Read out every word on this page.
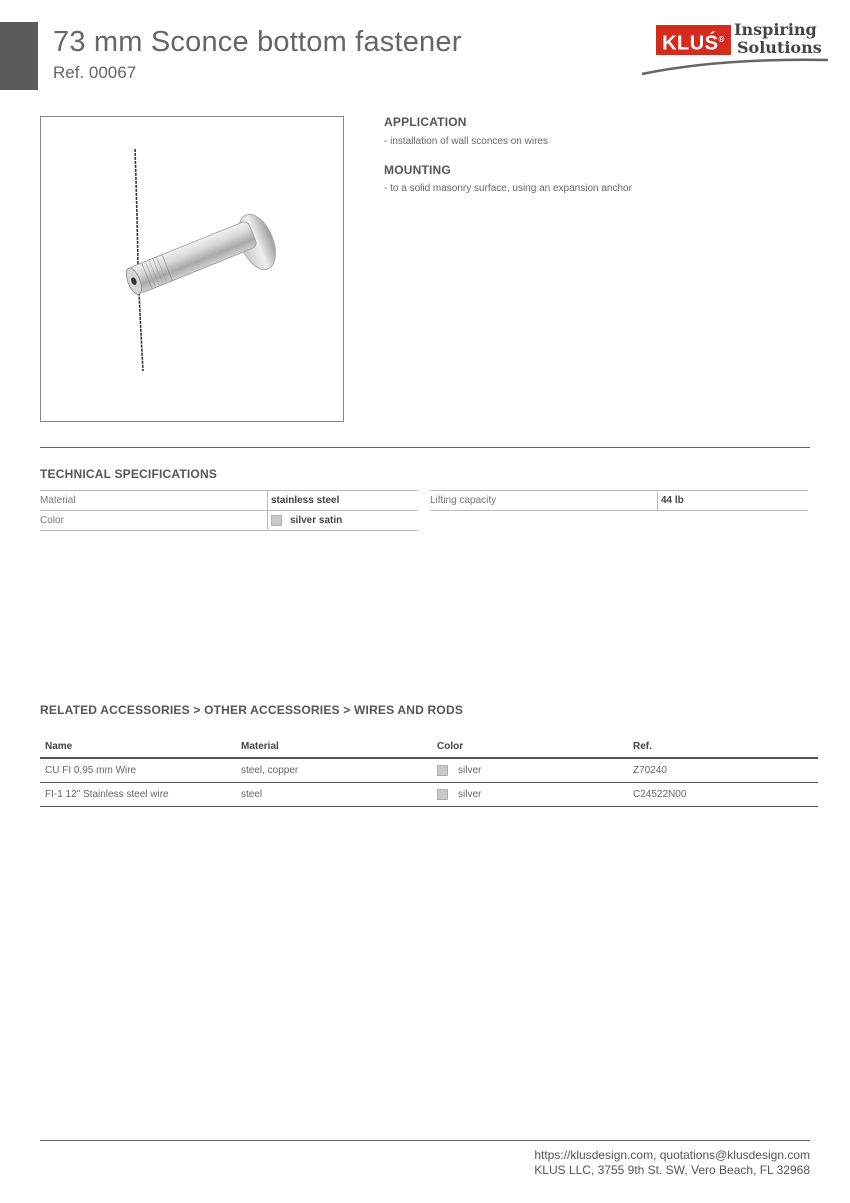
73 mm Sconce bottom fastener
Ref. 00067
KLUŚ®
Inspiring
Solutions
APPLICATION
- installation of wall sconces on wires
MOUNTING
- to a solid masonry surface, using an expansion anchor
TECHNICAL SPECIFICATIONS
Material	stainless steel
Color	silver satin
Lifting capacity	44 lb
RELATED ACCESSORIES > OTHER ACCESSORIES > WIRES AND RODS
Name	Material	Color	Ref.
CU FI 0,95 mm Wire	steel, copper	silver	Z70240
FI-1 12" Stainless steel wire	steel	silver	C24522N00
https://klusdesign.com, quotations@klusdesign.com
KLUS LLC, 3755 9th St. SW, Vero Beach, FL 32968
